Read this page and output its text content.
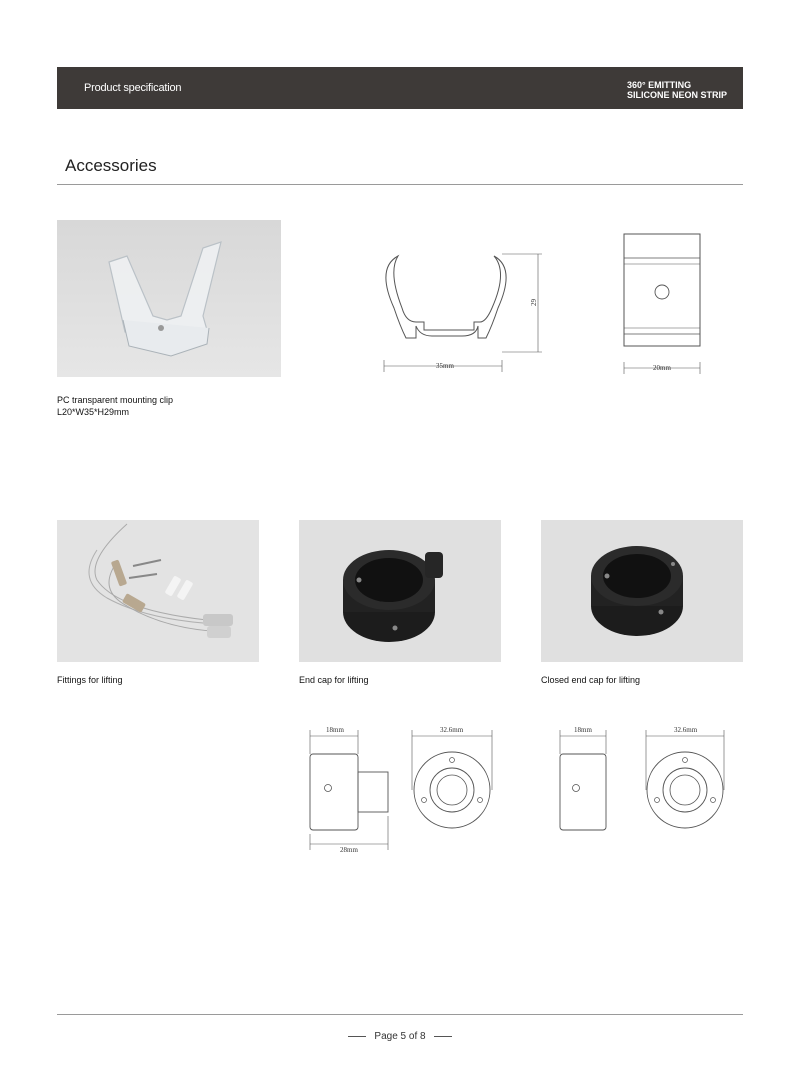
Product specification	360° EMITTING
SILICONE NEON STRIP
Accessories
35mm
29
20mm
PC transparent mounting clip
L20*W35*H29mm
Fittings for lifting	End cap for lifting	Closed end cap for lifting
18mm
28mm
32.6mm	18mm	32.6mm
Page 5 of 8
